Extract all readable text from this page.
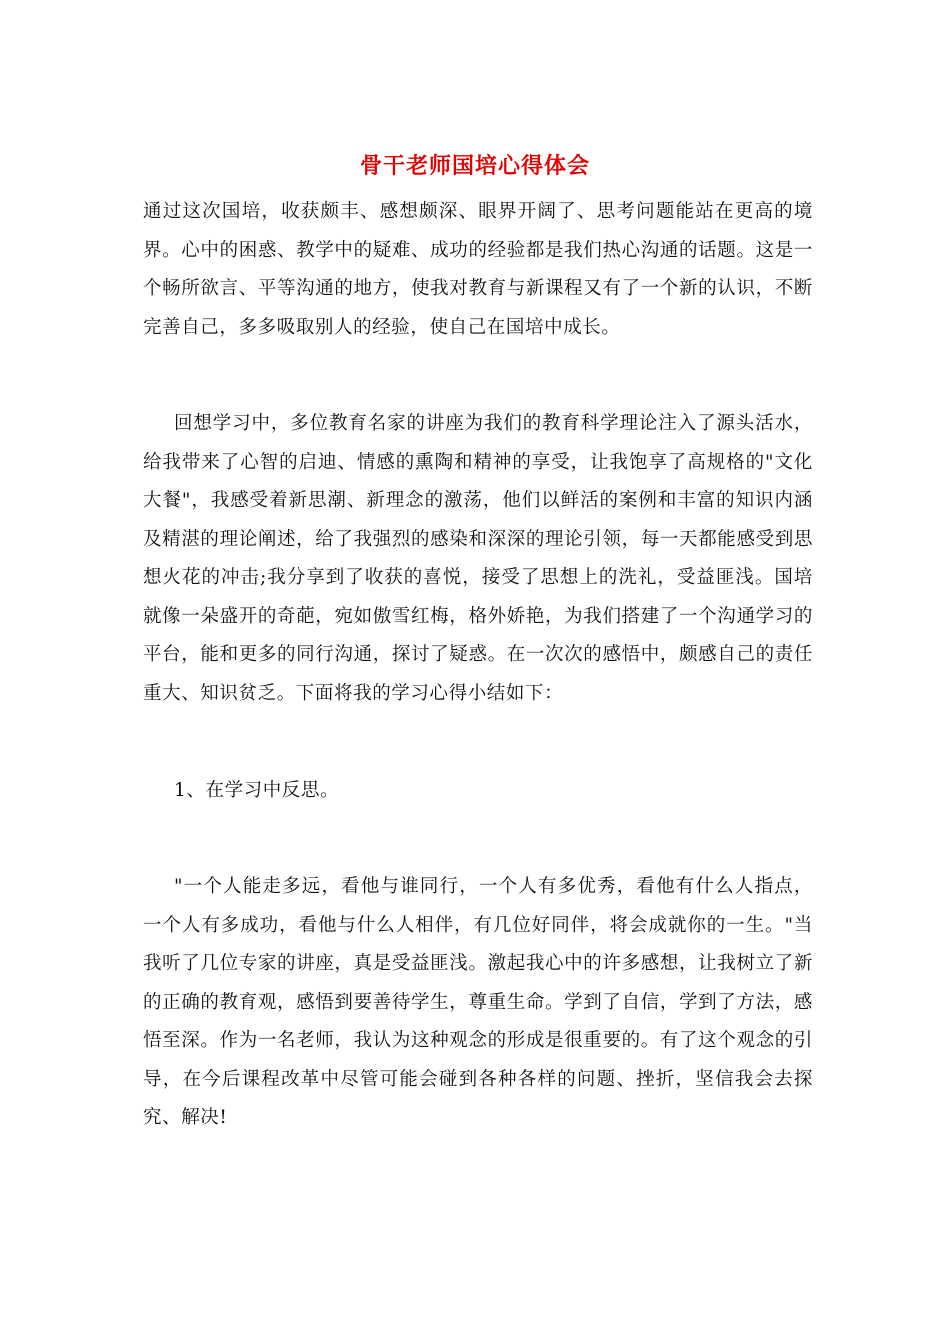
骨干老师国培心得体会

通过这次国培，收获颇丰、感想颇深、眼界开阔了、思考问题能站在更高的境界。心中的困惑、教学中的疑难、成功的经验都是我们热心沟通的话题。这是一个畅所欲言、平等沟通的地方，使我对教育与新课程又有了一个新的认识，不断完善自己，多多吸取别人的经验，使自己在国培中成长。

回想学习中，多位教育名家的讲座为我们的教育科学理论注入了源头活水，给我带来了心智的启迪、情感的熏陶和精神的享受，让我饱享了高规格的"文化大餐"，我感受着新思潮、新理念的激荡，他们以鲜活的案例和丰富的知识内涵及精湛的理论阐述，给了我强烈的感染和深深的理论引领，每一天都能感受到思想火花的冲击;我分享到了收获的喜悦，接受了思想上的洗礼，受益匪浅。国培就像一朵盛开的奇葩，宛如傲雪红梅，格外娇艳，为我们搭建了一个沟通学习的平台，能和更多的同行沟通，探讨了疑惑。在一次次的感悟中，颇感自己的责任重大、知识贫乏。下面将我的学习心得小结如下：

1、在学习中反思。

"一个人能走多远，看他与谁同行，一个人有多优秀，看他有什么人指点，一个人有多成功，看他与什么人相伴，有几位好同伴，将会成就你的一生。"当我听了几位专家的讲座，真是受益匪浅。激起我心中的许多感想，让我树立了新的正确的教育观，感悟到要善待学生，尊重生命。学到了自信，学到了方法，感悟至深。作为一名老师，我认为这种观念的形成是很重要的。有了这个观念的引导，在今后课程改革中尽管可能会碰到各种各样的问题、挫折，坚信我会去探究、解决!
